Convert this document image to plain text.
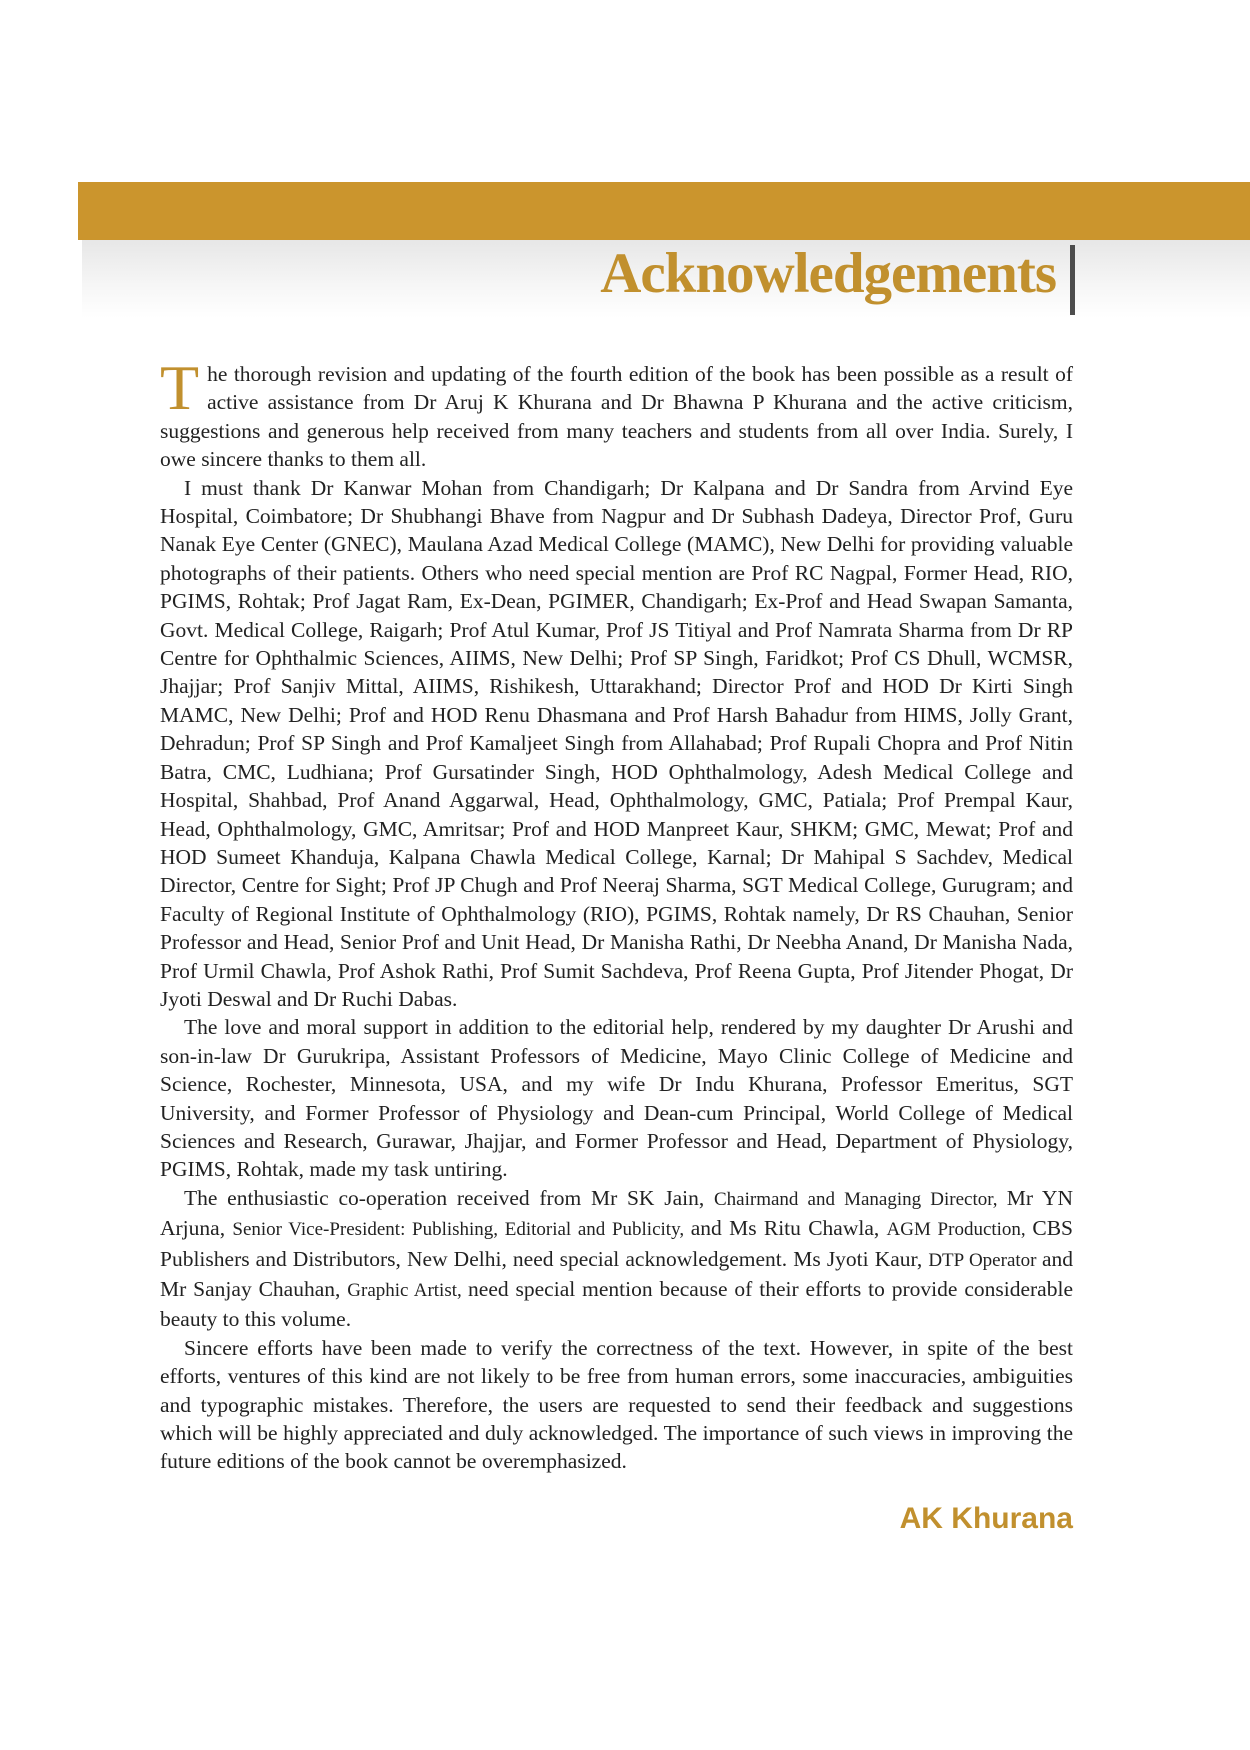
Acknowledgements

The thorough revision and updating of the fourth edition of the book has been possible as a result of active assistance from Dr Aruj K Khurana and Dr Bhawna P Khurana and the active criticism, suggestions and generous help received from many teachers and students from all over India. Surely, I owe sincere thanks to them all.

I must thank Dr Kanwar Mohan from Chandigarh; Dr Kalpana and Dr Sandra from Arvind Eye Hospital, Coimbatore; Dr Shubhangi Bhave from Nagpur and Dr Subhash Dadeya, Director Prof, Guru Nanak Eye Center (GNEC), Maulana Azad Medical College (MAMC), New Delhi for providing valuable photographs of their patients. Others who need special mention are Prof RC Nagpal, Former Head, RIO, PGIMS, Rohtak; Prof Jagat Ram, Ex-Dean, PGIMER, Chandigarh; Ex-Prof and Head Swapan Samanta, Govt. Medical College, Raigarh; Prof Atul Kumar, Prof JS Titiyal and Prof Namrata Sharma from Dr RP Centre for Ophthalmic Sciences, AIIMS, New Delhi; Prof SP Singh, Faridkot; Prof CS Dhull, WCMSR, Jhajjar; Prof Sanjiv Mittal, AIIMS, Rishikesh, Uttarakhand; Director Prof and HOD Dr Kirti Singh MAMC, New Delhi; Prof and HOD Renu Dhasmana and Prof Harsh Bahadur from HIMS, Jolly Grant, Dehradun; Prof SP Singh and Prof Kamaljeet Singh from Allahabad; Prof Rupali Chopra and Prof Nitin Batra, CMC, Ludhiana; Prof Gursatinder Singh, HOD Ophthalmology, Adesh Medical College and Hospital, Shahbad, Prof Anand Aggarwal, Head, Ophthalmology, GMC, Patiala; Prof Prempal Kaur, Head, Ophthalmology, GMC, Amritsar; Prof and HOD Manpreet Kaur, SHKM; GMC, Mewat; Prof and HOD Sumeet Khanduja, Kalpana Chawla Medical College, Karnal; Dr Mahipal S Sachdev, Medical Director, Centre for Sight; Prof JP Chugh and Prof Neeraj Sharma, SGT Medical College, Gurugram; and Faculty of Regional Institute of Ophthalmology (RIO), PGIMS, Rohtak namely, Dr RS Chauhan, Senior Professor and Head, Senior Prof and Unit Head, Dr Manisha Rathi, Dr Neebha Anand, Dr Manisha Nada, Prof Urmil Chawla, Prof Ashok Rathi, Prof Sumit Sachdeva, Prof Reena Gupta, Prof Jitender Phogat, Dr Jyoti Deswal and Dr Ruchi Dabas.

The love and moral support in addition to the editorial help, rendered by my daughter Dr Arushi and son-in-law Dr Gurukripa, Assistant Professors of Medicine, Mayo Clinic College of Medicine and Science, Rochester, Minnesota, USA, and my wife Dr Indu Khurana, Professor Emeritus, SGT University, and Former Professor of Physiology and Dean-cum Principal, World College of Medical Sciences and Research, Gurawar, Jhajjar, and Former Professor and Head, Department of Physiology, PGIMS, Rohtak, made my task untiring.

The enthusiastic co-operation received from Mr SK Jain, Chairmand and Managing Director, Mr YN Arjuna, Senior Vice-President: Publishing, Editorial and Publicity, and Ms Ritu Chawla, AGM Production, CBS Publishers and Distributors, New Delhi, need special acknowledgement. Ms Jyoti Kaur, DTP Operator and Mr Sanjay Chauhan, Graphic Artist, need special mention because of their efforts to provide considerable beauty to this volume.

Sincere efforts have been made to verify the correctness of the text. However, in spite of the best efforts, ventures of this kind are not likely to be free from human errors, some inaccuracies, ambiguities and typographic mistakes. Therefore, the users are requested to send their feedback and suggestions which will be highly appreciated and duly acknowledged. The importance of such views in improving the future editions of the book cannot be overemphasized.

AK Khurana
